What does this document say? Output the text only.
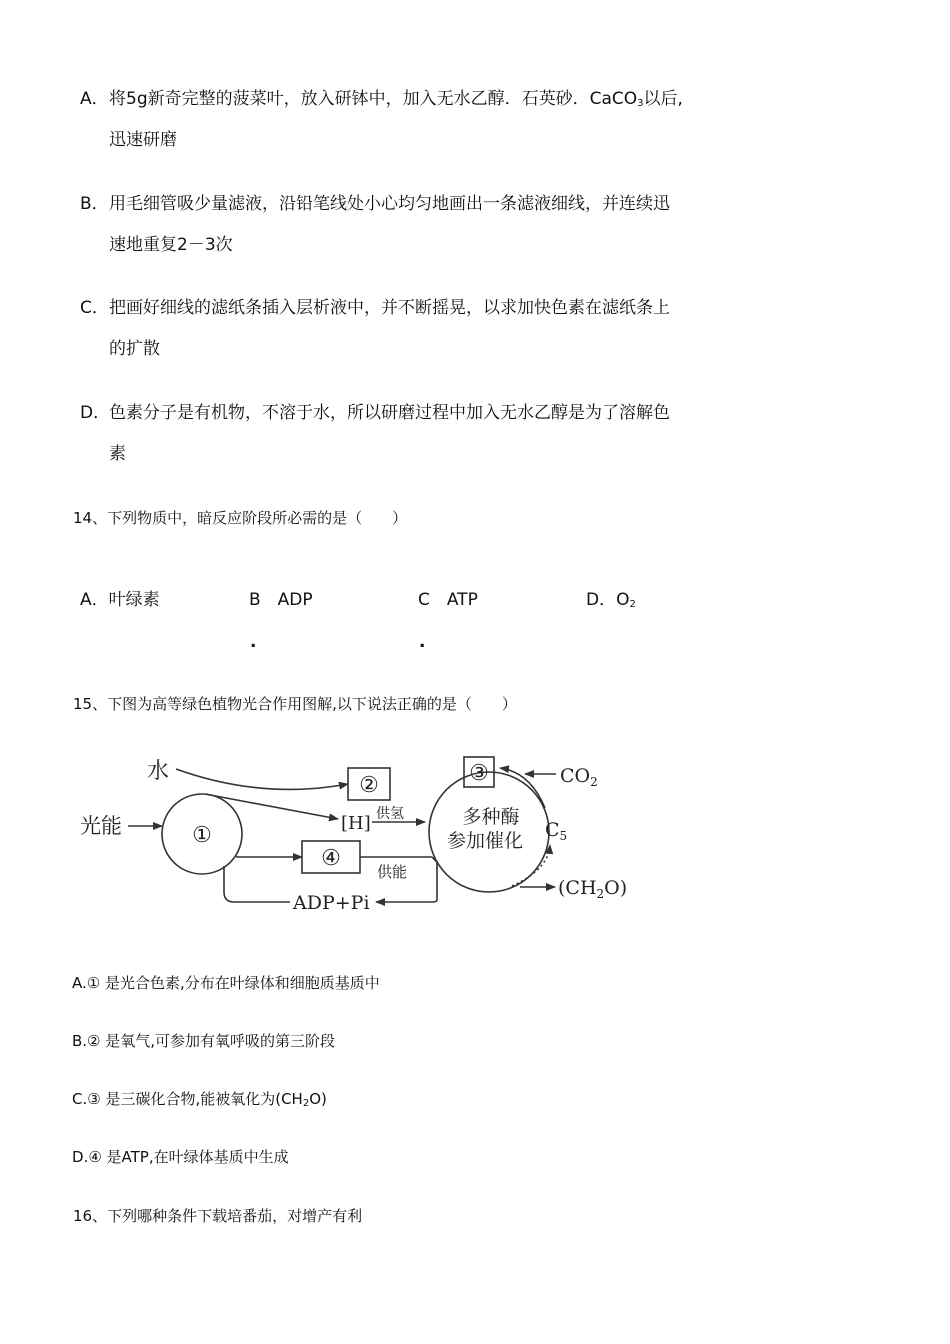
A．将5g新奇完整的菠菜叶，放入研钵中，加入无水乙醇．石英砂．CaCO$_3$以后,
迅速研磨
B．用毛细管吸少量滤液，沿铅笔线处小心均匀地画出一条滤液细线，并连续迅
速地重复2－3次
C．把画好细线的滤纸条插入层析液中，并不断摇晃，以求加快色素在滤纸条上
的扩散
D．色素分子是有机物，不溶于水，所以研磨过程中加入无水乙醇是为了溶解色
素
14、下列物质中，暗反应阶段所必需的是（　　）
A．叶绿素	B　ADP
.
C　ATP
.
D．$O_2$
15、下图为高等绿色植物光合作用图解,以下说法正确的是（　　）
水
光能	①
②	③
④
[H] 供氢
供能
多种酶
参加催化
$CO_2$
$C_5$
$(CH_2O)$
ADP+Pi
A.① 是光合色素,分布在叶绿体和细胞质基质中
B.② 是氧气,可参加有氧呼吸的第三阶段
C.③ 是三碳化合物,能被氧化为$(CH_2O)$
D.④ 是ATP,在叶绿体基质中生成
16、下列哪种条件下载培番茄，对增产有利
